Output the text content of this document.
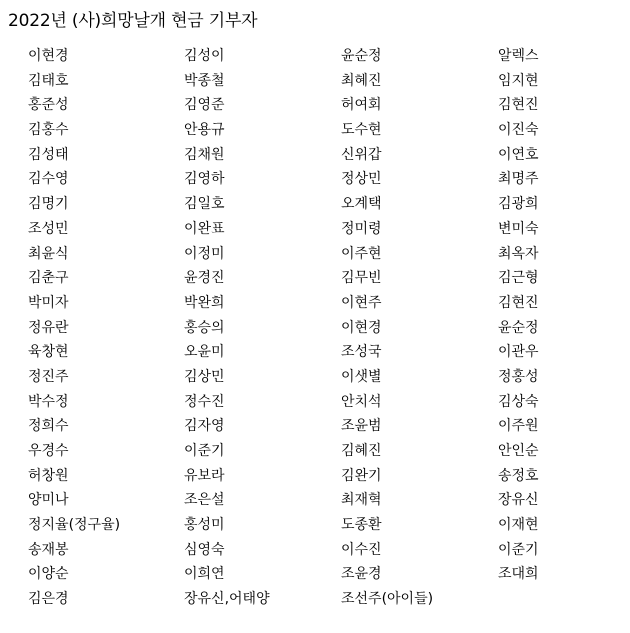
2022년 (사)희망날개 현금 기부자
이현경	김성이	윤순정	알렉스
김태호	박종철	최혜진	임지현
홍준성	김영준	허여회	김현진
김홍수	안용규	도수현	이진숙
김성태	김채원	신위갑	이연호
김수영	김영하	정상민	최명주
김명기	김일호	오계택	김광희
조성민	이완표	정미령	변미숙
최윤식	이정미	이주현	최옥자
김춘구	윤경진	김무빈	김근형
박미자	박완희	이현주	김현진
정유란	홍승의	이현경	윤순정
육창현	오윤미	조성국	이관우
정진주	김상민	이샛별	정홍성
박수정	정수진	안치석	김상숙
정희수	김자영	조윤범	이주원
우경수	이준기	김혜진	안인순
허창원	유보라	김완기	송정호
양미나	조은설	최재혁	장유신
정지율(정구율)	홍성미	도종환	이재현
송재봉	심영숙	이수진	이준기
이양순	이희연	조윤경	조대희
김은경	장유신,어태양	조선주(아이들)
